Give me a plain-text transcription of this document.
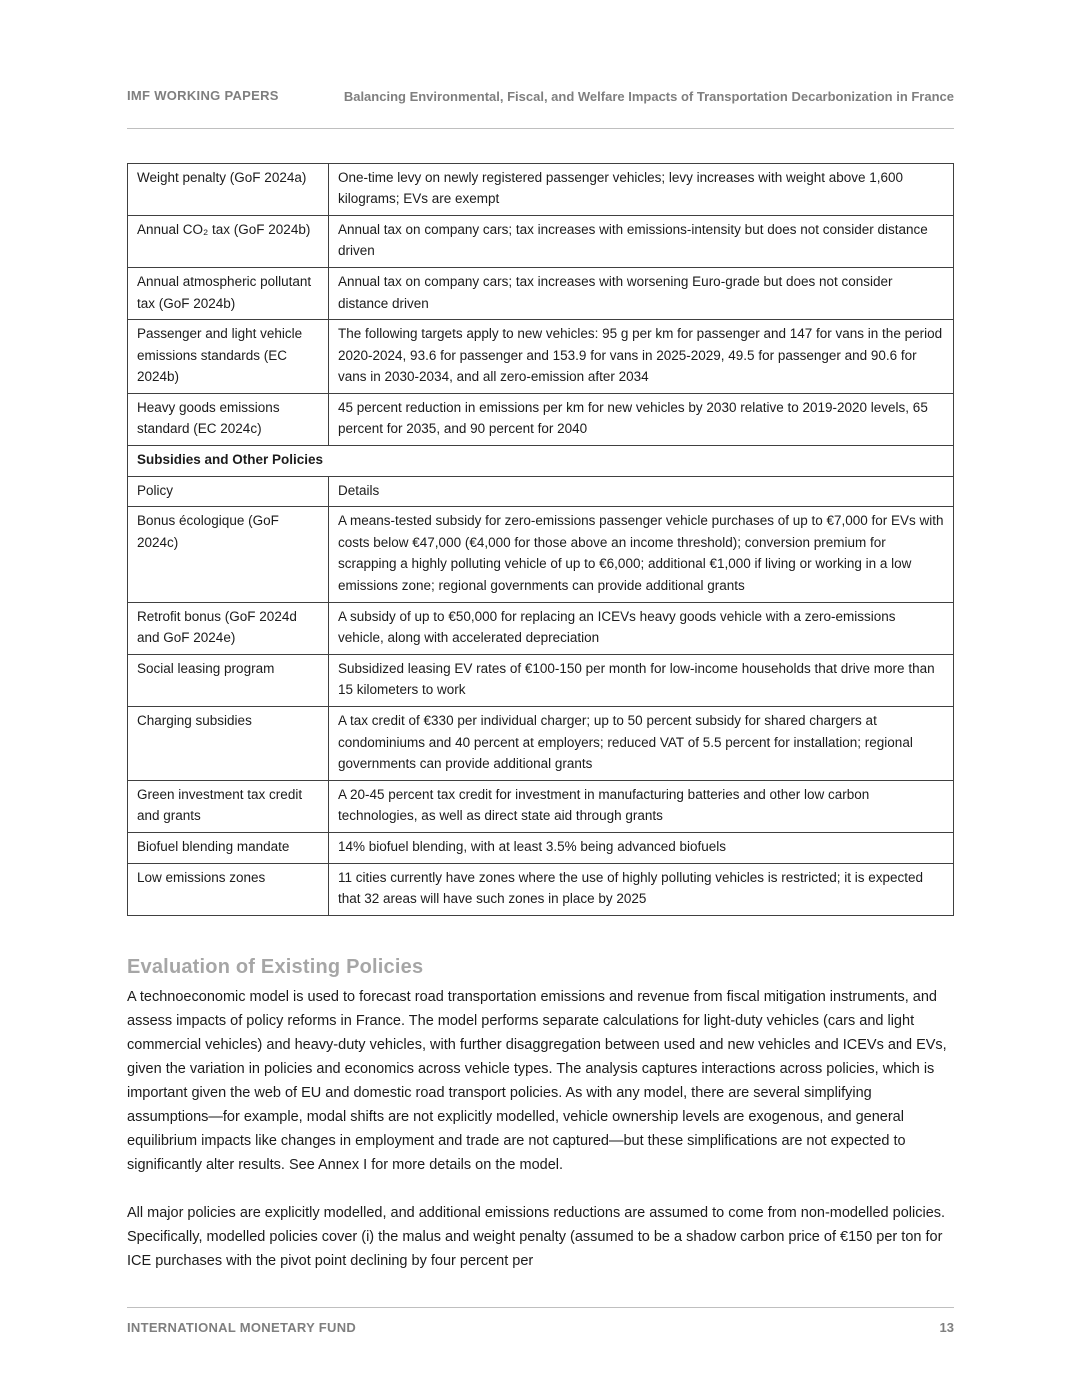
IMF WORKING PAPERS	Balancing Environmental, Fiscal, and Welfare Impacts of Transportation Decarbonization in France
Weight penalty (GoF 2024a)	One-time levy on newly registered passenger vehicles; levy increases with weight above 1,600 kilograms; EVs are exempt
Annual CO₂ tax (GoF 2024b)	Annual tax on company cars; tax increases with emissions-intensity but does not consider distance driven
Annual atmospheric pollutant tax (GoF 2024b)	Annual tax on company cars; tax increases with worsening Euro-grade but does not consider distance driven
Passenger and light vehicle emissions standards (EC 2024b)	The following targets apply to new vehicles: 95 g per km for passenger and 147 for vans in the period 2020-2024, 93.6 for passenger and 153.9 for vans in 2025-2029, 49.5 for passenger and 90.6 for vans in 2030-2034, and all zero-emission after 2034
Heavy goods emissions standard (EC 2024c)	45 percent reduction in emissions per km for new vehicles by 2030 relative to 2019-2020 levels, 65 percent for 2035, and 90 percent for 2040
Subsidies and Other Policies	
Policy	Details
Bonus écologique (GoF 2024c)	A means-tested subsidy for zero-emissions passenger vehicle purchases of up to €7,000 for EVs with costs below €47,000 (€4,000 for those above an income threshold); conversion premium for scrapping a highly polluting vehicle of up to €6,000; additional €1,000 if living or working in a low emissions zone; regional governments can provide additional grants
Retrofit bonus (GoF 2024d and GoF 2024e)	A subsidy of up to €50,000 for replacing an ICEVs heavy goods vehicle with a zero-emissions vehicle, along with accelerated depreciation
Social leasing program	Subsidized leasing EV rates of €100-150 per month for low-income households that drive more than 15 kilometers to work
Charging subsidies	A tax credit of €330 per individual charger; up to 50 percent subsidy for shared chargers at condominiums and 40 percent at employers; reduced VAT of 5.5 percent for installation; regional governments can provide additional grants
Green investment tax credit and grants	A 20-45 percent tax credit for investment in manufacturing batteries and other low carbon technologies, as well as direct state aid through grants
Biofuel blending mandate	14% biofuel blending, with at least 3.5% being advanced biofuels
Low emissions zones	11 cities currently have zones where the use of highly polluting vehicles is restricted; it is expected that 32 areas will have such zones in place by 2025
Evaluation of Existing Policies

A technoeconomic model is used to forecast road transportation emissions and revenue from fiscal mitigation instruments, and assess impacts of policy reforms in France. The model performs separate calculations for light-duty vehicles (cars and light commercial vehicles) and heavy-duty vehicles, with further disaggregation between used and new vehicles and ICEVs and EVs, given the variation in policies and economics across vehicle types. The analysis captures interactions across policies, which is important given the web of EU and domestic road transport policies. As with any model, there are several simplifying assumptions—for example, modal shifts are not explicitly modelled, vehicle ownership levels are exogenous, and general equilibrium impacts like changes in employment and trade are not captured—but these simplifications are not expected to significantly alter results. See Annex I for more details on the model.

All major policies are explicitly modelled, and additional emissions reductions are assumed to come from non-modelled policies. Specifically, modelled policies cover (i) the malus and weight penalty (assumed to be a shadow carbon price of €150 per ton for ICE purchases with the pivot point declining by four percent per

INTERNATIONAL MONETARY FUND	13
